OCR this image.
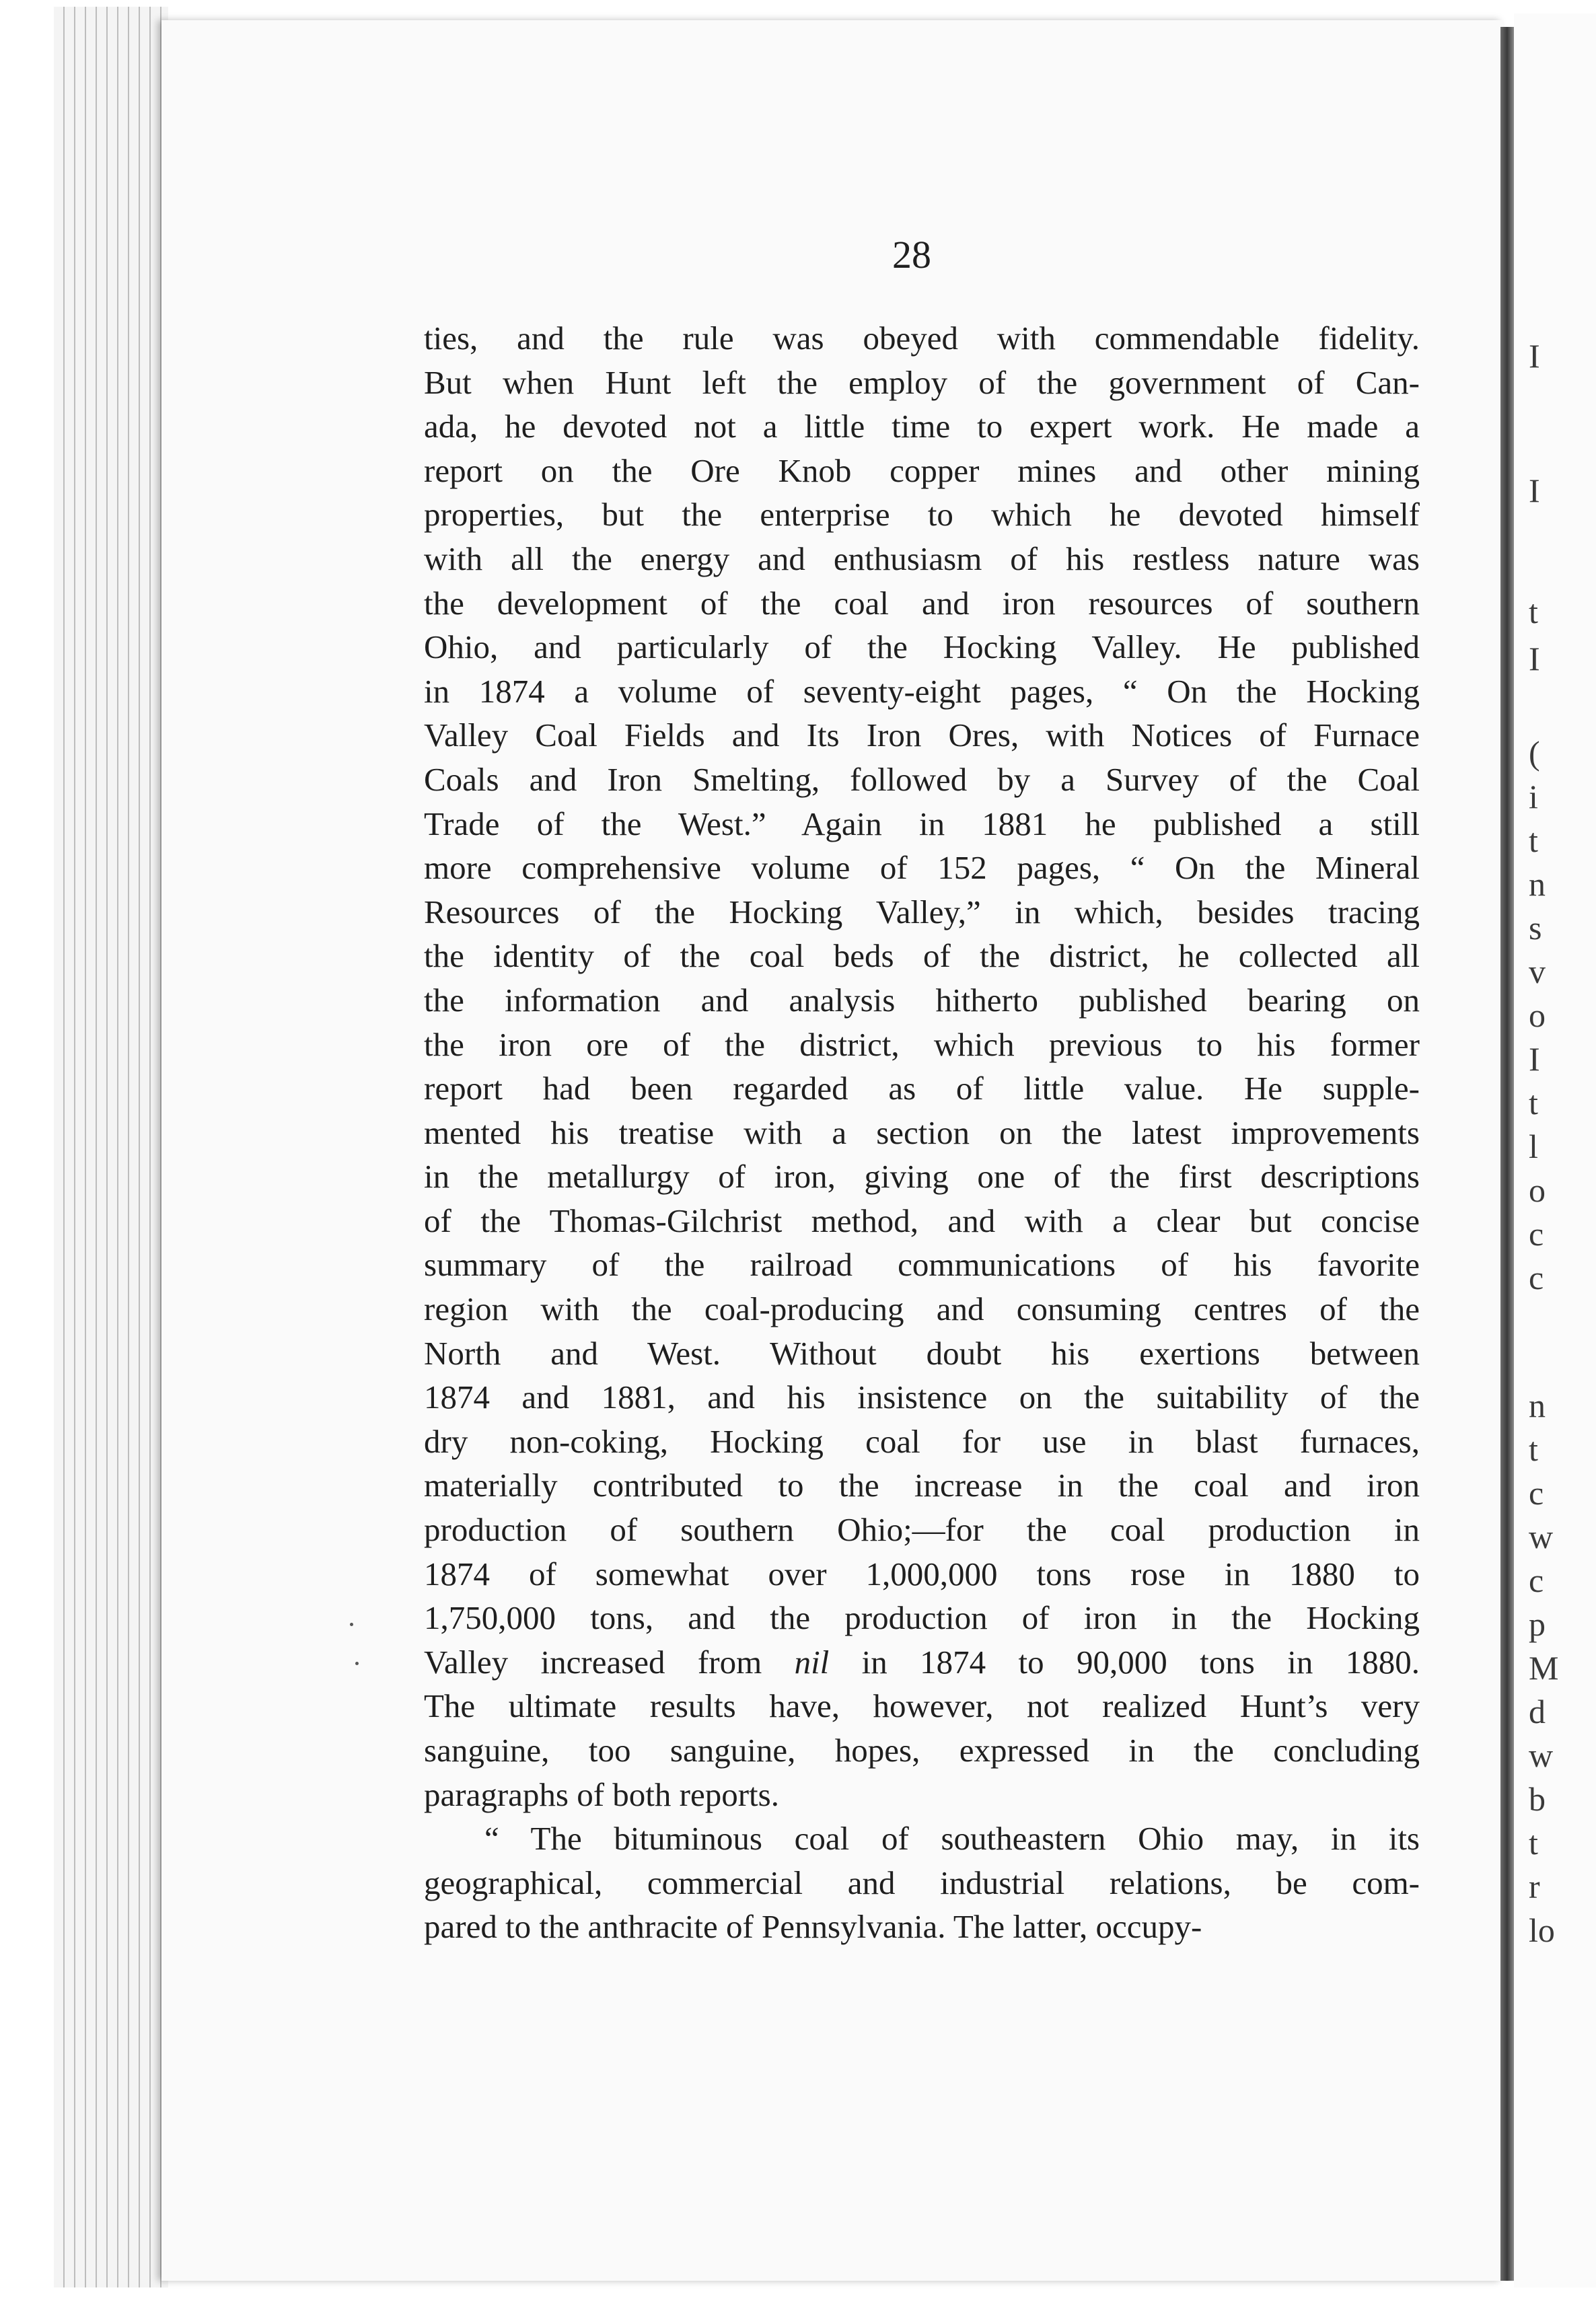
I
I
t
I
(
i
t
n
s
v
o
I
t
l
o
c
c
n
t
c
w
c
p
M
d
w
b
t
r
lo
28
ties, and the rule was obeyed with commendable fidelity.
But when Hunt left the employ of the government of Can-
ada, he devoted not a little time to expert work. He made a
report on the Ore Knob copper mines and other mining
properties, but the enterprise to which he devoted himself
with all the energy and enthusiasm of his restless nature was
the development of the coal and iron resources of southern
Ohio, and particularly of the Hocking Valley. He published
in 1874 a volume of seventy-eight pages, “ On the Hocking
Valley Coal Fields and Its Iron Ores, with Notices of Furnace
Coals and Iron Smelting, followed by a Survey of the Coal
Trade of the West.” Again in 1881 he published a still
more comprehensive volume of 152 pages, “ On the Mineral
Resources of the Hocking Valley,” in which, besides tracing
the identity of the coal beds of the district, he collected all
the information and analysis hitherto published bearing on
the iron ore of the district, which previous to his former
report had been regarded as of little value. He supple-
mented his treatise with a section on the latest improvements
in the metallurgy of iron, giving one of the first descriptions
of the Thomas-Gilchrist method, and with a clear but concise
summary of the railroad communications of his favorite
region with the coal-producing and consuming centres of the
North and West. Without doubt his exertions between
1874 and 1881, and his insistence on the suitability of the
dry non-coking, Hocking coal for use in blast furnaces,
materially contributed to the increase in the coal and iron
production of southern Ohio;—for the coal production in
1874 of somewhat over 1,000,000 tons rose in 1880 to
1,750,000 tons, and the production of iron in the Hocking
Valley increased from nil in 1874 to 90,000 tons in 1880.
The ultimate results have, however, not realized Hunt’s very
sanguine, too sanguine, hopes, expressed in the concluding
paragraphs of both reports.
“ The bituminous coal of southeastern Ohio may, in its
geographical, commercial and industrial relations, be com-
pared to the anthracite of Pennsylvania. The latter, occupy-
